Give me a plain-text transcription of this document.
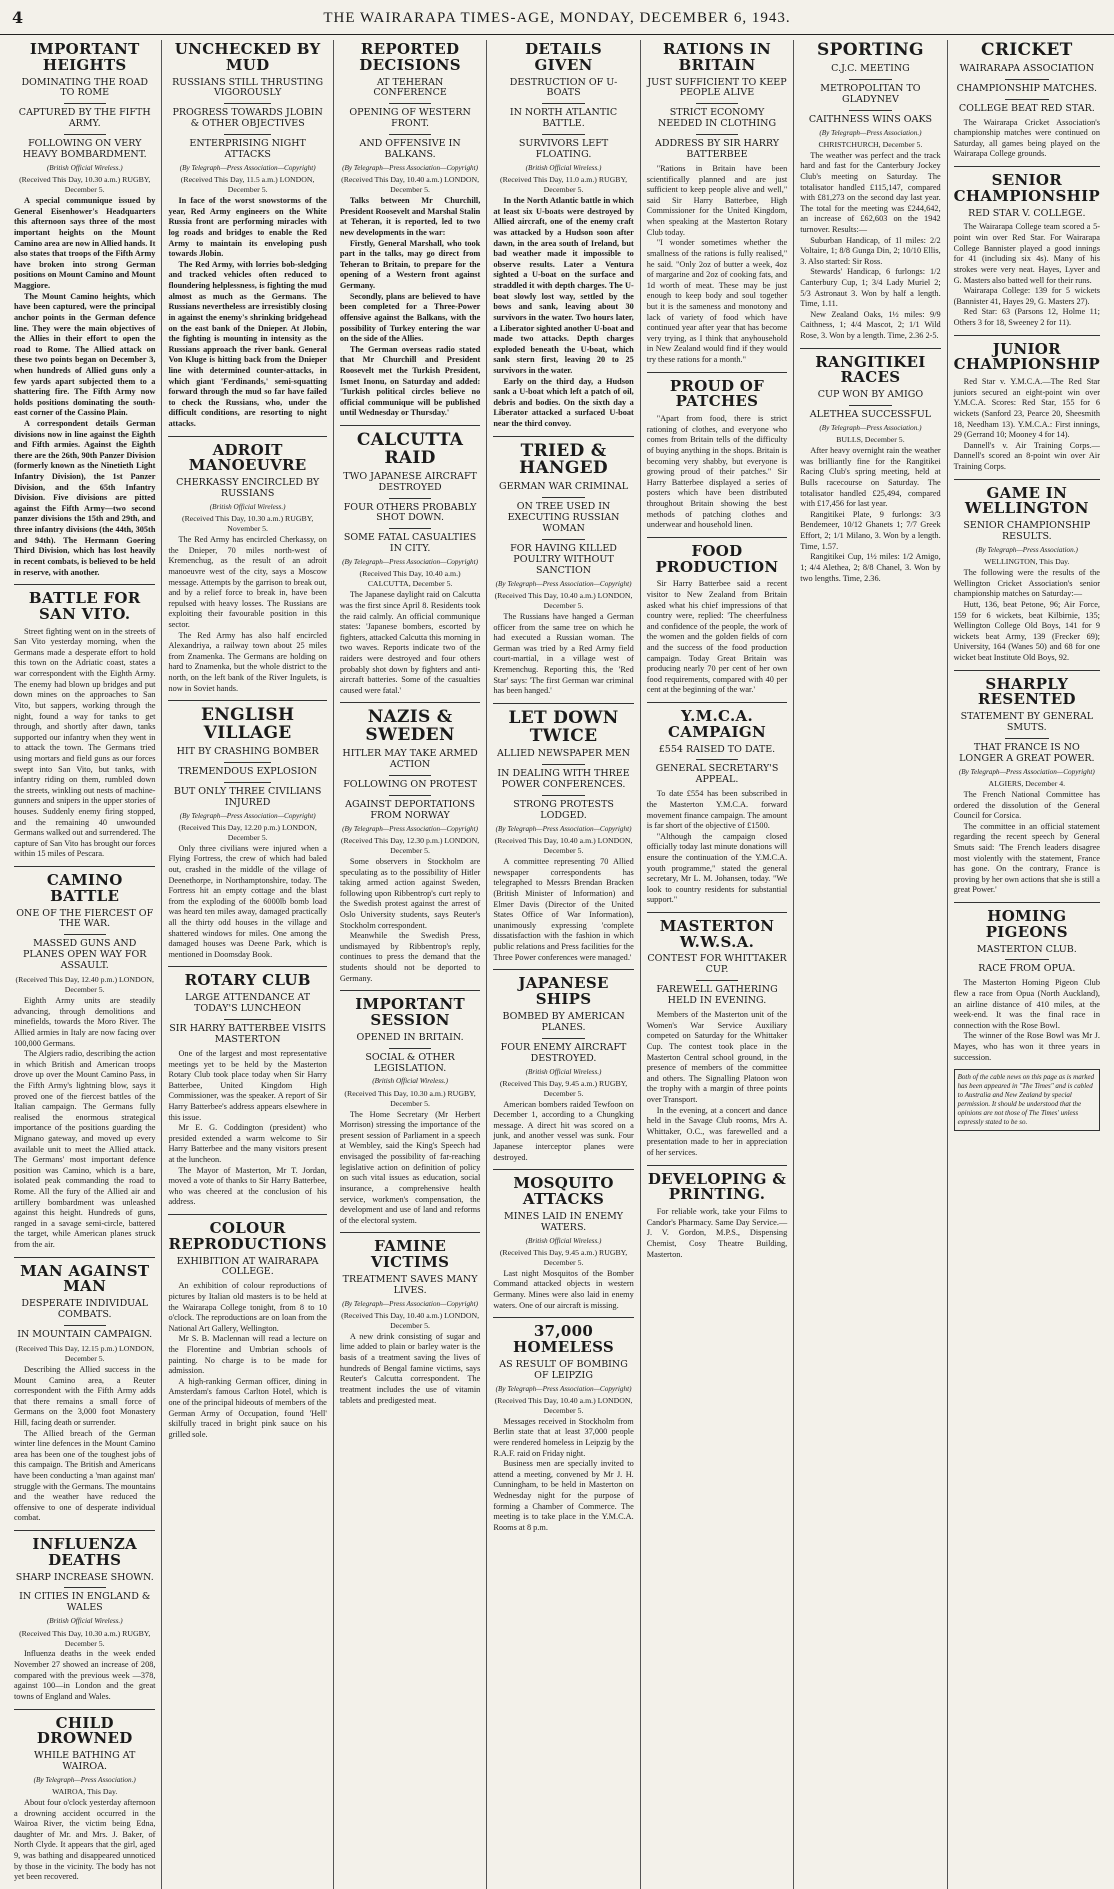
4	THE WAIRARAPA TIMES-AGE, MONDAY, DECEMBER 6, 1943.
IMPORTANT HEIGHTS
DOMINATING THE ROAD TO ROME
CAPTURED BY THE FIFTH ARMY.
FOLLOWING ON VERY HEAVY BOMBARDMENT.
(British Official Wireless.)
(Received This Day, 10.30 a.m.) RUGBY, December 5.

A special communique issued by General Eisenhower's Headquarters this afternoon says three of the most important heights on the Mount Camino area are now in Allied hands. It also states that troops of the Fifth Army have broken into strong German positions on Mount Camino and Mount Maggiore.

The Mount Camino heights, which have been captured, were the principal anchor points in the German defence line. They were the main objectives of the Allies in their effort to open the road to Rome. The Allied attack on these two points began on December 3, when hundreds of Allied guns only a few yards apart subjected them to a shattering fire. The Fifth Army now holds positions dominating the south-east corner of the Cassino Plain.

A correspondent details German divisions now in line against the Eighth and Fifth armies. Against the Eighth there are the 26th, 90th Panzer Division (formerly known as the Ninetieth Light Infantry Division), the 1st Panzer Division, and the 65th Infantry Division. Five divisions are pitted against the Fifth Army—two second panzer divisions the 15th and 29th, and three infantry divisions (the 44th, 305th and 94th). The Hermann Goering Third Division, which has lost heavily in recent combats, is believed to be held in reserve, with another.

BATTLE FOR SAN VITO.

Street fighting went on in the streets of San Vito yesterday morning, when the Germans made a desperate effort to hold this town on the Adriatic coast, states a war correspondent with the Eighth Army. The enemy had blown up bridges and put down mines on the approaches to San Vito, but sappers, working through the night, found a way for tanks to get through, and shortly after dawn, tanks supported our infantry when they went in to attack the town. The Germans tried using mortars and field guns as our forces swept into San Vito, but tanks, with infantry riding on them, rumbled down the streets, winkling out nests of machine-gunners and snipers in the upper stories of houses. Suddenly enemy firing stopped, and the remaining 40 unwounded Germans walked out and surrendered. The capture of San Vito has brought our forces within 15 miles of Pescara.

CAMINO BATTLE
ONE OF THE FIERCEST OF THE WAR.
MASSED GUNS AND PLANES OPEN WAY FOR ASSAULT.
(Received This Day, 12.40 p.m.) LONDON, December 5.

Eighth Army units are steadily advancing, through demolitions and minefields, towards the Moro River. The Allied armies in Italy are now facing over 100,000 Germans.

The Algiers radio, describing the action in which British and American troops drove up over the Mount Camino Pass, in the Fifth Army's lightning blow, says it proved one of the fiercest battles of the Italian campaign. The Germans fully realised the enormous strategical importance of the positions guarding the Mignano gateway, and moved up every available unit to meet the Allied attack. The Germans' most important defence position was Camino, which is a bare, isolated peak commanding the road to Rome. All the fury of the Allied air and artillery bombardment was unleashed against this height. Hundreds of guns, ranged in a savage semi-circle, battered the target, while American planes struck from the air.

MAN AGAINST MAN
DESPERATE INDIVIDUAL COMBATS.
IN MOUNTAIN CAMPAIGN.
(Received This Day, 12.15 p.m.) LONDON, December 5.

Describing the Allied success in the Mount Camino area, a Reuter correspondent with the Fifth Army adds that there remains a small force of Germans on the 3,000 foot Monastery Hill, facing death or surrender.

The Allied breach of the German winter line defences in the Mount Camino area has been one of the toughest jobs of this campaign. The British and Americans have been conducting a 'man against man' struggle with the Germans. The mountains and the weather have reduced the offensive to one of desperate individual combat.

INFLUENZA DEATHS
SHARP INCREASE SHOWN.
IN CITIES IN ENGLAND & WALES
(British Official Wireless.)
(Received This Day, 10.30 a.m.) RUGBY, December 5.

Influenza deaths in the week ended November 27 showed an increase of 208, compared with the previous week —378, against 100—in London and the great towns of England and Wales.

CHILD DROWNED
WHILE BATHING AT WAIROA.
(By Telegraph—Press Association.)
WAIROA, This Day.

About four o'clock yesterday afternoon a drowning accident occurred in the Wairoa River, the victim being Edna, daughter of Mr. and Mrs. J. Baker, of North Clyde. It appears that the girl, aged 9, was bathing and disappeared unnoticed by those in the vicinity. The body has not yet been recovered.

UNCHECKED BY MUD
RUSSIANS STILL THRUSTING VIGOROUSLY
PROGRESS TOWARDS JLOBIN & OTHER OBJECTIVES
ENTERPRISING NIGHT ATTACKS
(By Telegraph—Press Association—Copyright)
(Received This Day, 11.5 a.m.) LONDON, December 5.

In face of the worst snowstorms of the year, Red Army engineers on the White Russia front are performing miracles with log roads and bridges to enable the Red Army to maintain its enveloping push towards Jlobin.

The Red Army, with lorries bob-sledging and tracked vehicles often reduced to floundering helplessness, is fighting the mud almost as much as the Germans. The Russians nevertheless are irresistibly closing in against the enemy's shrinking bridgehead on the east bank of the Dnieper. At Jlobin, the fighting is mounting in intensity as the Russians approach the river bank. General Von Kluge is hitting back from the Dnieper line with determined counter-attacks, in which giant 'Ferdinands,' semi-squatting forward through the mud so far have failed to check the Russians, who, under the difficult conditions, are resorting to night attacks.

ADROIT MANOEUVRE
CHERKASSY ENCIRCLED BY RUSSIANS
(British Official Wireless.)
(Received This Day, 10.30 a.m.) RUGBY, November 5.

The Red Army has encircled Cherkassy, on the Dnieper, 70 miles north-west of Kremenchug, as the result of an adroit manoeuvre west of the city, says a Moscow message. Attempts by the garrison to break out, and by a relief force to break in, have been repulsed with heavy losses. The Russians are exploiting their favourable position in this sector.

The Red Army has also half encircled Alexandriya, a railway town about 25 miles from Znamenka. The Germans are holding on hard to Znamenka, but the whole district to the north, on the left bank of the River Ingulets, is now in Soviet hands.

ENGLISH VILLAGE
HIT BY CRASHING BOMBER
TREMENDOUS EXPLOSION
BUT ONLY THREE CIVILIANS INJURED
(By Telegraph—Press Association—Copyright)
(Received This Day, 12.20 p.m.) LONDON, December 5.

Only three civilians were injured when a Flying Fortress, the crew of which had baled out, crashed in the middle of the village of Deenethorpe, in Northamptonshire, today. The Fortress hit an empty cottage and the blast from the exploding of the 6000lb bomb load was heard ten miles away, damaged practically all the thirty odd houses in the village and shattered windows for miles. One among the damaged houses was Deene Park, which is mentioned in Doomsday Book.

ROTARY CLUB
LARGE ATTENDANCE AT TODAY'S LUNCHEON
SIR HARRY BATTERBEE VISITS MASTERTON

One of the largest and most representative meetings yet to be held by the Masterton Rotary Club took place today when Sir Harry Batterbee, United Kingdom High Commissioner, was the speaker. A report of Sir Harry Batterbee's address appears elsewhere in this issue.

Mr E. G. Coddington (president) who presided extended a warm welcome to Sir Harry Batterbee and the many visitors present at the luncheon.

The Mayor of Masterton, Mr T. Jordan, moved a vote of thanks to Sir Harry Batterbee, who was cheered at the conclusion of his address.

COLOUR REPRODUCTIONS
EXHIBITION AT WAIRARAPA COLLEGE.

An exhibition of colour reproductions of pictures by Italian old masters is to be held at the Wairarapa College tonight, from 8 to 10 o'clock. The reproductions are on loan from the National Art Gallery, Wellington.

Mr S. B. Maclennan will read a lecture on the Florentine and Umbrian schools of painting. No charge is to be made for admission.

A high-ranking German officer, dining in Amsterdam's famous Carlton Hotel, which is one of the principal hideouts of members of the German Army of Occupation, found 'Hell' skilfully traced in bright pink sauce on his grilled sole.

REPORTED DECISIONS
AT TEHERAN CONFERENCE
OPENING OF WESTERN FRONT.
AND OFFENSIVE IN BALKANS.
(By Telegraph—Press Association—Copyright)
(Received This Day, 10.40 a.m.) LONDON, December 5.

Talks between Mr Churchill, President Roosevelt and Marshal Stalin at Teheran, it is reported, led to two new developments in the war:

Firstly, General Marshall, who took part in the talks, may go direct from Teheran to Britain, to prepare for the opening of a Western front against Germany.

Secondly, plans are believed to have been completed for a Three-Power offensive against the Balkans, with the possibility of Turkey entering the war on the side of the Allies.

The German overseas radio stated that Mr Churchill and President Roosevelt met the Turkish President, Ismet Inonu, on Saturday and added: 'Turkish political circles believe no official communique will be published until Wednesday or Thursday.'

CALCUTTA RAID
TWO JAPANESE AIRCRAFT DESTROYED
FOUR OTHERS PROBABLY SHOT DOWN.
SOME FATAL CASUALTIES IN CITY.
(By Telegraph—Press Association—Copyright)
(Received This Day, 10.40 a.m.) CALCUTTA, December 5.

The Japanese daylight raid on Calcutta was the first since April 8. Residents took the raid calmly. An official communique states: 'Japanese bombers, escorted by fighters, attacked Calcutta this morning in two waves. Reports indicate two of the raiders were destroyed and four others probably shot down by fighters and anti-aircraft batteries. Some of the casualties caused were fatal.'

NAZIS & SWEDEN
HITLER MAY TAKE ARMED ACTION
FOLLOWING ON PROTEST
AGAINST DEPORTATIONS FROM NORWAY
(By Telegraph—Press Association—Copyright)
(Received This Day, 12.30 p.m.) LONDON, December 5.

Some observers in Stockholm are speculating as to the possibility of Hitler taking armed action against Sweden, following upon Ribbentrop's curt reply to the Swedish protest against the arrest of Oslo University students, says Reuter's Stockholm correspondent.

Meanwhile the Swedish Press, undismayed by Ribbentrop's reply, continues to press the demand that the students should not be deported to Germany.

IMPORTANT SESSION
OPENED IN BRITAIN.
SOCIAL & OTHER LEGISLATION.
(British Official Wireless.)
(Received This Day, 10.30 a.m.) RUGBY, December 5.

The Home Secretary (Mr Herbert Morrison) stressing the importance of the present session of Parliament in a speech at Wembley, said the King's Speech had envisaged the possibility of far-reaching legislative action on definition of policy on such vital issues as education, social insurance, a comprehensive health service, workmen's compensation, the development and use of land and reforms of the electoral system.

FAMINE VICTIMS
TREATMENT SAVES MANY LIVES.
(By Telegraph—Press Association—Copyright)
(Received This Day, 10.40 a.m.) LONDON, December 5.

A new drink consisting of sugar and lime added to plain or barley water is the basis of a treatment saving the lives of hundreds of Bengal famine victims, says Reuter's Calcutta correspondent. The treatment includes the use of vitamin tablets and predigested meat.

DETAILS GIVEN
DESTRUCTION OF U-BOATS
IN NORTH ATLANTIC BATTLE.
SURVIVORS LEFT FLOATING.
(British Official Wireless.)
(Received This Day, 11.0 a.m.) RUGBY, December 5.

In the North Atlantic battle in which at least six U-boats were destroyed by Allied aircraft, one of the enemy craft was attacked by a Hudson soon after dawn, in the area south of Ireland, but bad weather made it impossible to observe results. Later a Ventura sighted a U-boat on the surface and straddled it with depth charges. The U-boat slowly lost way, settled by the bows and sank, leaving about 30 survivors in the water. Two hours later, a Liberator sighted another U-boat and made two attacks. Depth charges exploded beneath the U-boat, which sank stern first, leaving 20 to 25 survivors in the water.

Early on the third day, a Hudson sank a U-boat which left a patch of oil, debris and bodies. On the sixth day a Liberator attacked a surfaced U-boat near the third convoy.

TRIED & HANGED
GERMAN WAR CRIMINAL
ON TREE USED IN EXECUTING RUSSIAN WOMAN
FOR HAVING KILLED POULTRY WITHOUT SANCTION
(By Telegraph—Press Association—Copyright)
(Received This Day, 10.40 a.m.) LONDON, December 5.

The Russians have hanged a German officer from the same tree on which he had executed a Russian woman. The German was tried by a Red Army field court-martial, in a village west of Kremenchug. Reporting this, the 'Red Star' says: 'The first German war criminal has been hanged.'

LET DOWN TWICE
ALLIED NEWSPAPER MEN
IN DEALING WITH THREE POWER CONFERENCES.
STRONG PROTESTS LODGED.
(By Telegraph—Press Association—Copyright)
(Received This Day, 10.40 a.m.) LONDON, December 5.

A committee representing 70 Allied newspaper correspondents has telegraphed to Messrs Brendan Bracken (British Minister of Information) and Elmer Davis (Director of the United States Office of War Information), unanimously expressing 'complete dissatisfaction with the fashion in which public relations and Press facilities for the Three Power conferences were managed.'

JAPANESE SHIPS
BOMBED BY AMERICAN PLANES.
FOUR ENEMY AIRCRAFT DESTROYED.
(British Official Wireless.)
(Received This Day, 9.45 a.m.) RUGBY, December 5.

American bombers raided Tewfoon on December 1, according to a Chungking message. A direct hit was scored on a junk, and another vessel was sunk. Four Japanese interceptor planes were destroyed.

MOSQUITO ATTACKS
MINES LAID IN ENEMY WATERS.
(British Official Wireless.)
(Received This Day, 9.45 a.m.) RUGBY, December 5.

Last night Mosquitos of the Bomber Command attacked objects in western Germany. Mines were also laid in enemy waters. One of our aircraft is missing.

37,000 HOMELESS
AS RESULT OF BOMBING OF LEIPZIG
(By Telegraph—Press Association—Copyright)
(Received This Day, 10.40 a.m.) LONDON, December 5.

Messages received in Stockholm from Berlin state that at least 37,000 people were rendered homeless in Leipzig by the R.A.F. raid on Friday night.

Business men are specially invited to attend a meeting, convened by Mr J. H. Cunningham, to be held in Masterton on Wednesday night for the purpose of forming a Chamber of Commerce. The meeting is to take place in the Y.M.C.A. Rooms at 8 p.m.

RATIONS IN BRITAIN
JUST SUFFICIENT TO KEEP PEOPLE ALIVE
STRICT ECONOMY NEEDED IN CLOTHING
ADDRESS BY SIR HARRY BATTERBEE

"Rations in Britain have been scientifically planned and are just sufficient to keep people alive and well," said Sir Harry Batterbee, High Commissioner for the United Kingdom, when speaking at the Masterton Rotary Club today.

"I wonder sometimes whether the smallness of the rations is fully realised," he said. "Only 2oz of butter a week, 4oz of margarine and 2oz of cooking fats, and 1d worth of meat. These may be just enough to keep body and soul together but it is the sameness and monotony and lack of variety of food which have continued year after year that has become very trying, as I think that anyhousehold in New Zealand would find if they would try these rations for a month."

PROUD OF PATCHES

"Apart from food, there is strict rationing of clothes, and everyone who comes from Britain tells of the difficulty of buying anything in the shops. Britain is becoming very shabby, but everyone is growing proud of their patches." Sir Harry Batterbee displayed a series of posters which have been distributed throughout Britain showing the best methods of patching clothes and underwear and household linen.

FOOD PRODUCTION

Sir Harry Batterbee said a recent visitor to New Zealand from Britain asked what his chief impressions of that country were, replied: 'The cheerfulness and confidence of the people, the work of the women and the golden fields of corn and the success of the food production campaign. Today Great Britain was producing nearly 70 per cent of her own food requirements, compared with 40 per cent at the beginning of the war.'

Y.M.C.A. CAMPAIGN
£554 RAISED TO DATE.
GENERAL SECRETARY'S APPEAL.

To date £554 has been subscribed in the Masterton Y.M.C.A. forward movement finance campaign. The amount is far short of the objective of £1500.

"Although the campaign closed officially today last minute donations will ensure the continuation of the Y.M.C.A. youth programme," stated the general secretary, Mr L. M. Johansen, today. "We look to country residents for substantial support."

MASTERTON W.W.S.A.
CONTEST FOR WHITTAKER CUP.
FAREWELL GATHERING HELD IN EVENING.

Members of the Masterton unit of the Women's War Service Auxiliary competed on Saturday for the Whittaker Cup. The contest took place in the Masterton Central school ground, in the presence of members of the committee and others. The Signalling Platoon won the trophy with a margin of three points over Transport.

In the evening, at a concert and dance held in the Savage Club rooms, Mrs A. Whittaker, O.C., was farewelled and a presentation made to her in appreciation of her services.

DEVELOPING & PRINTING.

For reliable work, take your Films to Candor's Pharmacy. Same Day Service.—J. V. Gordon, M.P.S., Dispensing Chemist, Cosy Theatre Building, Masterton.

SPORTING
C.J.C. MEETING
METROPOLITAN TO GLADYNEV
CAITHNESS WINS OAKS
(By Telegraph—Press Association.)
CHRISTCHURCH, December 5.

The weather was perfect and the track hard and fast for the Canterbury Jockey Club's meeting on Saturday. The totalisator handled £115,147, compared with £81,273 on the second day last year. The total for the meeting was £244,642, an increase of £62,603 on the 1942 turnover. Results:—

Suburban Handicap, of 1l miles: 2/2 Voltaire, 1; 8/8 Gunga Din, 2; 10/10 Ellis, 3. Also started: Sir Ross.

Stewards' Handicap, 6 furlongs: 1/2 Canterbury Cup, 1; 3/4 Lady Muriel 2; 5/3 Astronaut 3. Won by half a length. Time, 1.11.

New Zealand Oaks, 1½ miles: 9/9 Caithness, 1; 4/4 Mascot, 2; 1/1 Wild Rose, 3. Won by a length. Time, 2.36 2-5.

RANGITIKEI RACES
CUP WON BY AMIGO
ALETHEA SUCCESSFUL
(By Telegraph—Press Association.)
BULLS, December 5.

After heavy overnight rain the weather was brilliantly fine for the Rangitikei Racing Club's spring meeting, held at Bulls racecourse on Saturday. The totalisator handled £25,494, compared with £17,456 for last year.

Rangitikei Plate, 9 furlongs: 3/3 Bendemeer, 10/12 Ghanets 1; 7/7 Greek Effort, 2; 1/1 Milano, 3. Won by a length. Time, 1.57.

Rangitikei Cup, 1½ miles: 1/2 Amigo, 1; 4/4 Alethea, 2; 8/8 Chanel, 3. Won by two lengths. Time, 2.36.

CRICKET
WAIRARAPA ASSOCIATION
CHAMPIONSHIP MATCHES.
COLLEGE BEAT RED STAR.

The Wairarapa Cricket Association's championship matches were continued on Saturday, all games being played on the Wairarapa College grounds.

SENIOR CHAMPIONSHIP
RED STAR V. COLLEGE.

The Wairarapa College team scored a 5-point win over Red Star. For Wairarapa College Bannister played a good innings for 41 (including six 4s). Many of his strokes were very neat. Hayes, Lyver and G. Masters also batted well for their runs.

Wairarapa College: 139 for 5 wickets (Bannister 41, Hayes 29, G. Masters 27).

Red Star: 63 (Parsons 12, Holme 11; Others 3 for 18, Sweeney 2 for 11).

JUNIOR CHAMPIONSHIP

Red Star v. Y.M.C.A.—The Red Star juniors secured an eight-point win over Y.M.C.A. Scores: Red Star, 155 for 6 wickets (Sanford 23, Pearce 20, Sheesmith 18, Needham 13). Y.M.C.A.: First innings, 29 (Gerrand 10; Mooney 4 for 14).

Dannell's v. Air Training Corps.—Dannell's scored an 8-point win over Air Training Corps.

GAME IN WELLINGTON
SENIOR CHAMPIONSHIP RESULTS.
(By Telegraph—Press Association.)
WELLINGTON, This Day.

The following were the results of the Wellington Cricket Association's senior championship matches on Saturday:—

Hutt, 136, beat Petone, 96; Air Force, 159 for 6 wickets, beat Kilbirnie, 135; Wellington College Old Boys, 141 for 9 wickets beat Army, 139 (Frecker 69); University, 164 (Wanes 50) and 68 for one wicket beat Institute Old Boys, 92.

SHARPLY RESENTED
STATEMENT BY GENERAL SMUTS.
THAT FRANCE IS NO LONGER A GREAT POWER.
(By Telegraph—Press Association—Copyright)
ALGIERS, December 4.

The French National Committee has ordered the dissolution of the General Council for Corsica.

The committee in an official statement regarding the recent speech by General Smuts said: 'The French leaders disagree most violently with the statement, France has gone. On the contrary, France is proving by her own actions that she is still a great Power.'

HOMING PIGEONS
MASTERTON CLUB.
RACE FROM OPUA.

The Masterton Homing Pigeon Club flew a race from Opua (North Auckland), an airline distance of 410 miles, at the week-end. It was the final race in connection with the Rose Bowl.

The winner of the Rose Bowl was Mr J. Mayes, who has won it three years in succession.

Both of the cable news on this page as is marked has been appeared in "The Times" and is cabled to Australia and New Zealand by special permission. It should be understood that the opinions are not those of The Times' unless expressly stated to be so.
